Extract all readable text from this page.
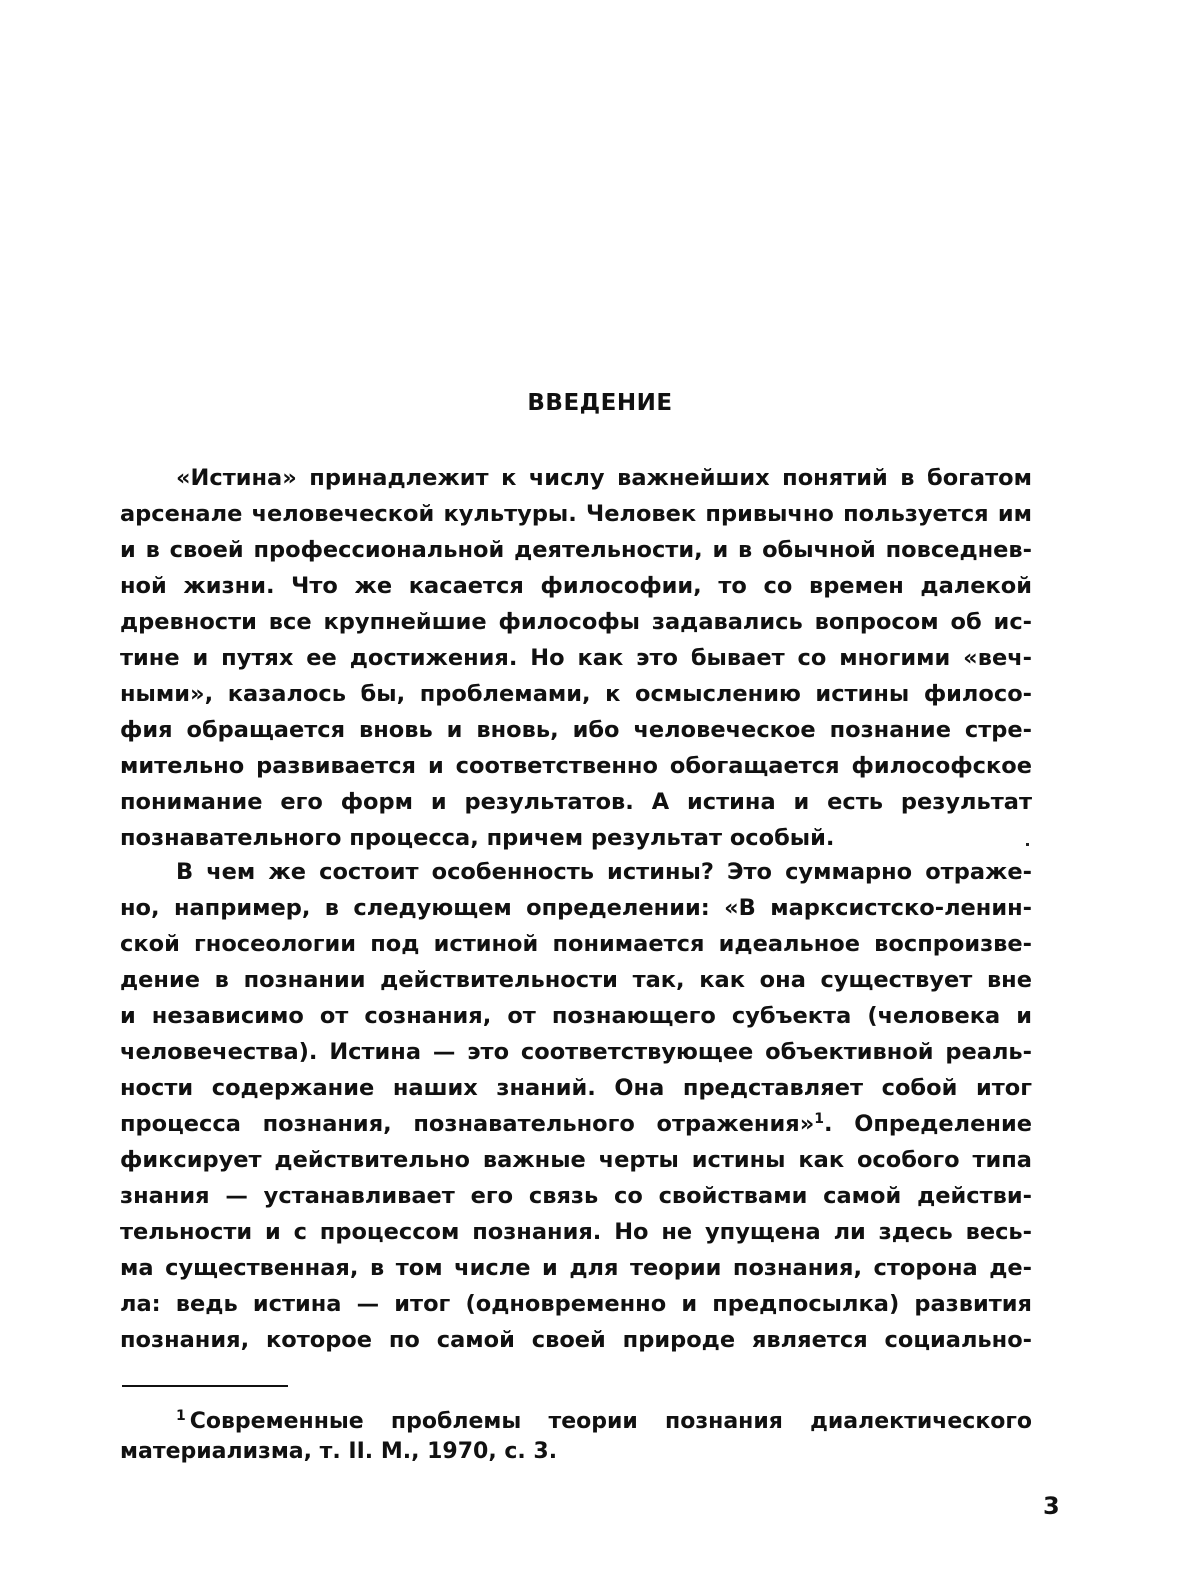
ВВЕДЕНИЕ
«Истина» принадлежит к числу важнейших понятий в богатом
арсенале человеческой культуры. Человек привычно пользуется им
и в своей профессиональной деятельности, и в обычной повседнев-
ной жизни. Что же касается философии, то со времен далекой
древности все крупнейшие философы задавались вопросом об ис-
тине и путях ее достижения. Но как это бывает со многими «веч-
ными», казалось бы, проблемами, к осмыслению истины филосо-
фия обращается вновь и вновь, ибо человеческое познание стре-
мительно развивается и соответственно обогащается философское
понимание его форм и результатов. А истина и есть результат
познавательного процесса, причем результат особый.
В чем же состоит особенность истины? Это суммарно отраже-
но, например, в следующем определении: «В марксистско-ленин-
ской гносеологии под истиной понимается идеальное воспроизве-
дение в познании действительности так, как она существует вне
и независимо от сознания, от познающего субъекта (человека и
человечества). Истина — это соответствующее объективной реаль-
ности содержание наших знаний. Она представляет собой итог
процесса познания, познавательного отражения»$^1$. Определение
фиксирует действительно важные черты истины как особого типа
знания — устанавливает его связь со свойствами самой действи-
тельности и с процессом познания. Но не упущена ли здесь весь-
ма существенная, в том числе и для теории познания, сторона де-
ла: ведь истина — итог (одновременно и предпосылка) развития
познания, которое по самой своей природе является социально-
$^1$ Современные проблемы теории познания диалектического
материализма, т. II. М., 1970, с. 3.
3
